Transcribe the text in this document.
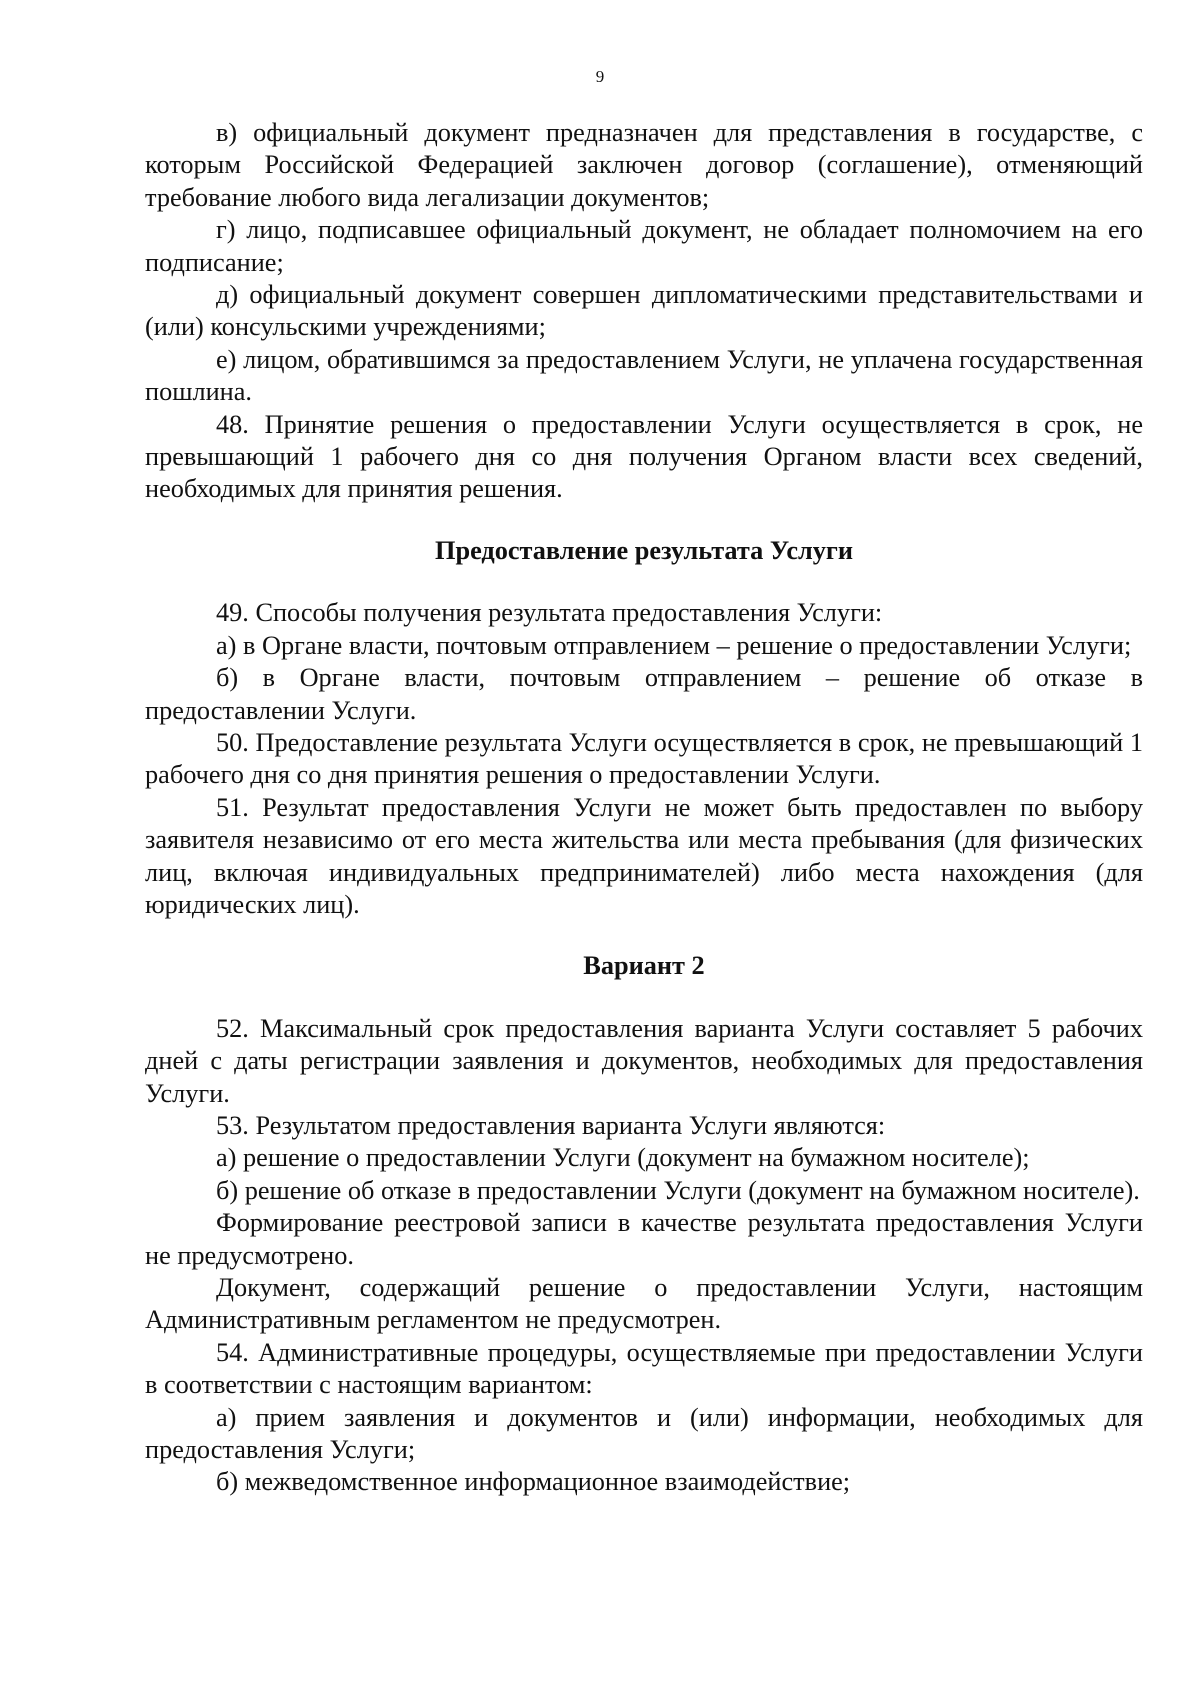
9

в) официальный документ предназначен для представления в государстве, с которым Российской Федерацией заключен договор (соглашение), отменяющий требование любого вида легализации документов;

г) лицо, подписавшее официальный документ, не обладает полномочием на его подписание;

д) официальный документ совершен дипломатическими представительствами и (или) консульскими учреждениями;

е) лицом, обратившимся за предоставлением Услуги, не уплачена государственная пошлина.

48. Принятие решения о предоставлении Услуги осуществляется в срок, не превышающий 1 рабочего дня со дня получения Органом власти всех сведений, необходимых для принятия решения.

Предоставление результата Услуги

49. Способы получения результата предоставления Услуги:

а) в Органе власти, почтовым отправлением – решение о предоставлении Услуги;

б) в Органе власти, почтовым отправлением – решение об отказе в предоставлении Услуги.

50. Предоставление результата Услуги осуществляется в срок, не превышающий 1 рабочего дня со дня принятия решения о предоставлении Услуги.

51. Результат предоставления Услуги не может быть предоставлен по выбору заявителя независимо от его места жительства или места пребывания (для физических лиц, включая индивидуальных предпринимателей) либо места нахождения (для юридических лиц).

Вариант 2

52. Максимальный срок предоставления варианта Услуги составляет 5 рабочих дней с даты регистрации заявления и документов, необходимых для предоставления Услуги.

53. Результатом предоставления варианта Услуги являются:

а) решение о предоставлении Услуги (документ на бумажном носителе);

б) решение об отказе в предоставлении Услуги (документ на бумажном носителе).

Формирование реестровой записи в качестве результата предоставления Услуги не предусмотрено.

Документ, содержащий решение о предоставлении Услуги, настоящим Административным регламентом не предусмотрен.

54. Административные процедуры, осуществляемые при предоставлении Услуги в соответствии с настоящим вариантом:

а) прием заявления и документов и (или) информации, необходимых для предоставления Услуги;

б) межведомственное информационное взаимодействие;
